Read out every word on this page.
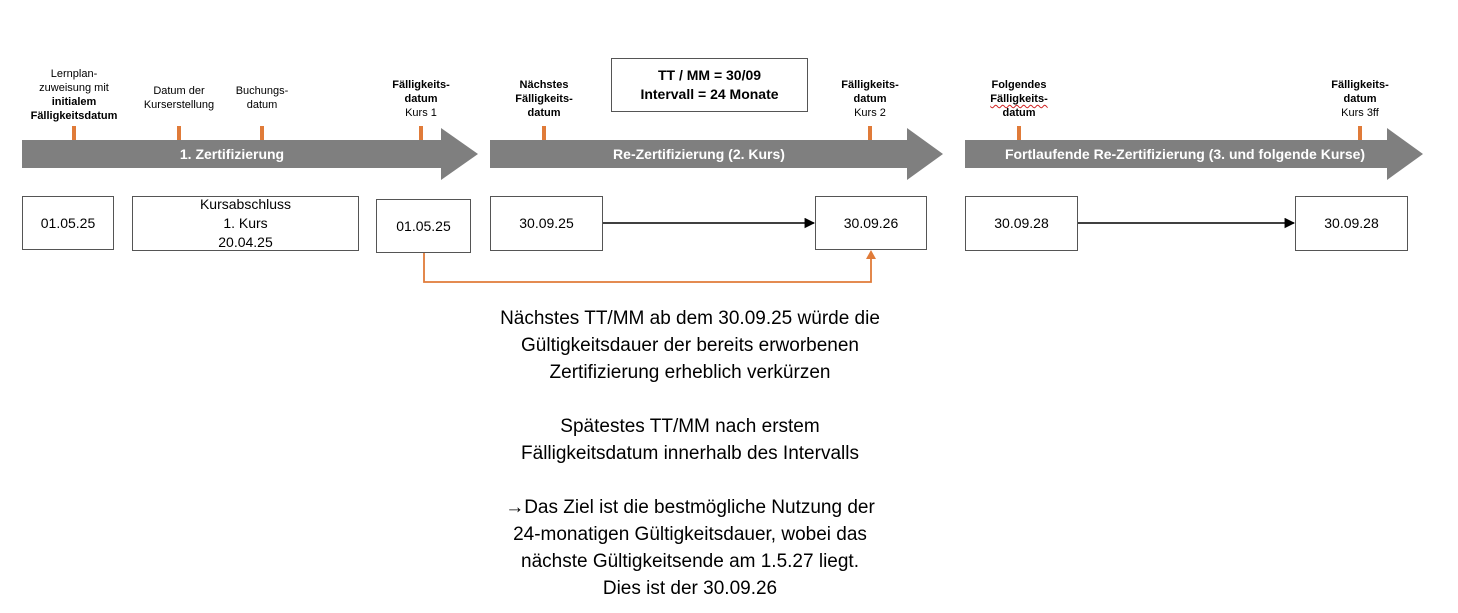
1. Zertifizierung	Re-Zertifizierung (2. Kurs)	Fortlaufende Re-Zertifizierung (3. und folgende Kurse)
Lernplan-
zuweisung mit
initialem
Fälligkeitsdatum
Datum der
Kurserstellung
Buchungs-
datum
Fälligkeits-
datum
Kurs 1
Nächstes
Fälligkeits-
datum
Fälligkeits-
datum
Kurs 2
Folgendes
Fälligkeits-
datum
Fälligkeits-
datum
Kurs 3ff
TT / MM = 30/09
Intervall = 24 Monate
01.05.25
Kursabschluss
1. Kurs
20.04.25
01.05.25	30.09.25	30.09.26	30.09.28	30.09.28

Nächstes TT/MM ab dem 30.09.25 würde die
Gültigkeitsdauer der bereits erworbenen
Zertifizierung erheblich verkürzen

Spätestes TT/MM nach erstem
Fälligkeitsdatum innerhalb des Intervalls

→Das Ziel ist die bestmögliche Nutzung der
24-monatigen Gültigkeitsdauer, wobei das
nächste Gültigkeitsende am 1.5.27 liegt.
Dies ist der 30.09.26
